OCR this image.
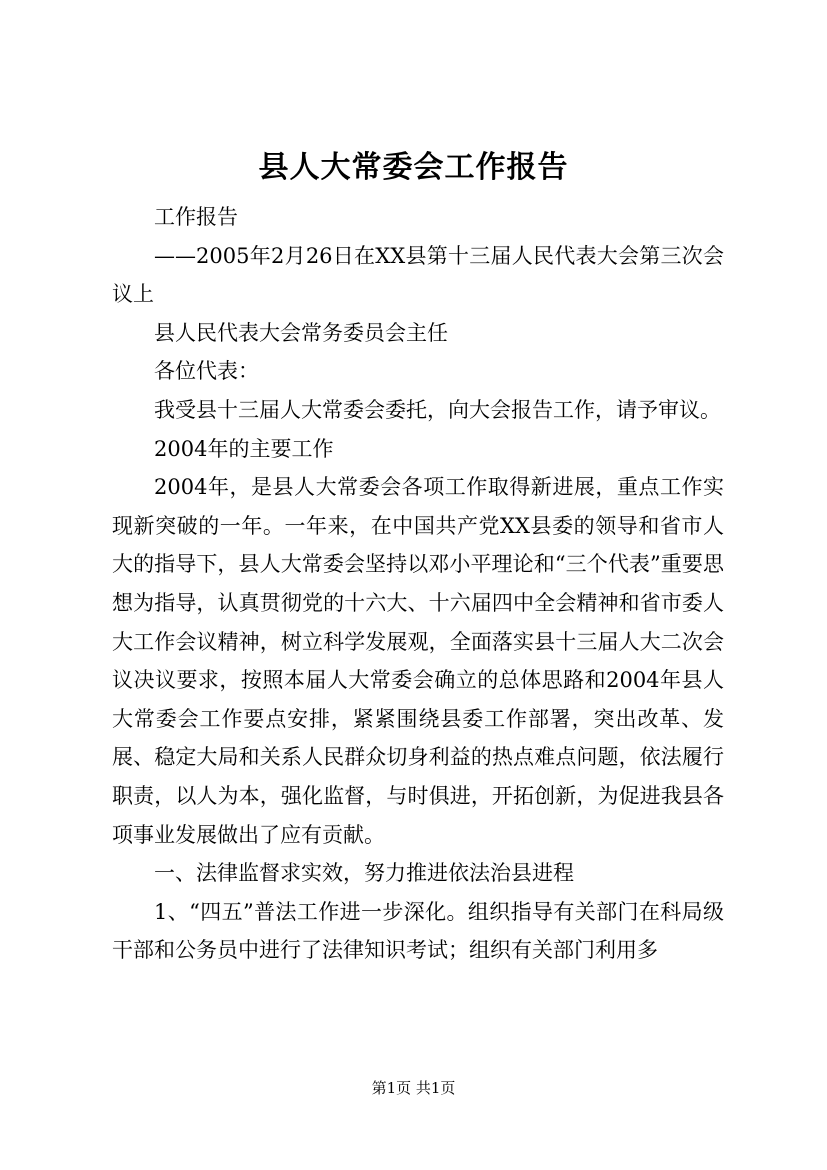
县人大常委会工作报告

工作报告

——2005年2月26日在XX县第十三届人民代表大会第三次会议上

县人民代表大会常务委员会主任

各位代表：

我受县十三届人大常委会委托，向大会报告工作，请予审议。

2004年的主要工作

2004年，是县人大常委会各项工作取得新进展，重点工作实现新突破的一年。一年来，在中国共产党XX县委的领导和省市人大的指导下，县人大常委会坚持以邓小平理论和“三个代表”重要思想为指导，认真贯彻党的十六大、十六届四中全会精神和省市委人大工作会议精神，树立科学发展观，全面落实县十三届人大二次会议决议要求，按照本届人大常委会确立的总体思路和2004年县人大常委会工作要点安排，紧紧围绕县委工作部署，突出改革、发展、稳定大局和关系人民群众切身利益的热点难点问题，依法履行职责，以人为本，强化监督，与时俱进，开拓创新，为促进我县各项事业发展做出了应有贡献。

一、法律监督求实效，努力推进依法治县进程

1、“四五”普法工作进一步深化。组织指导有关部门在科局级干部和公务员中进行了法律知识考试；组织有关部门利用多

第1页 共1页
